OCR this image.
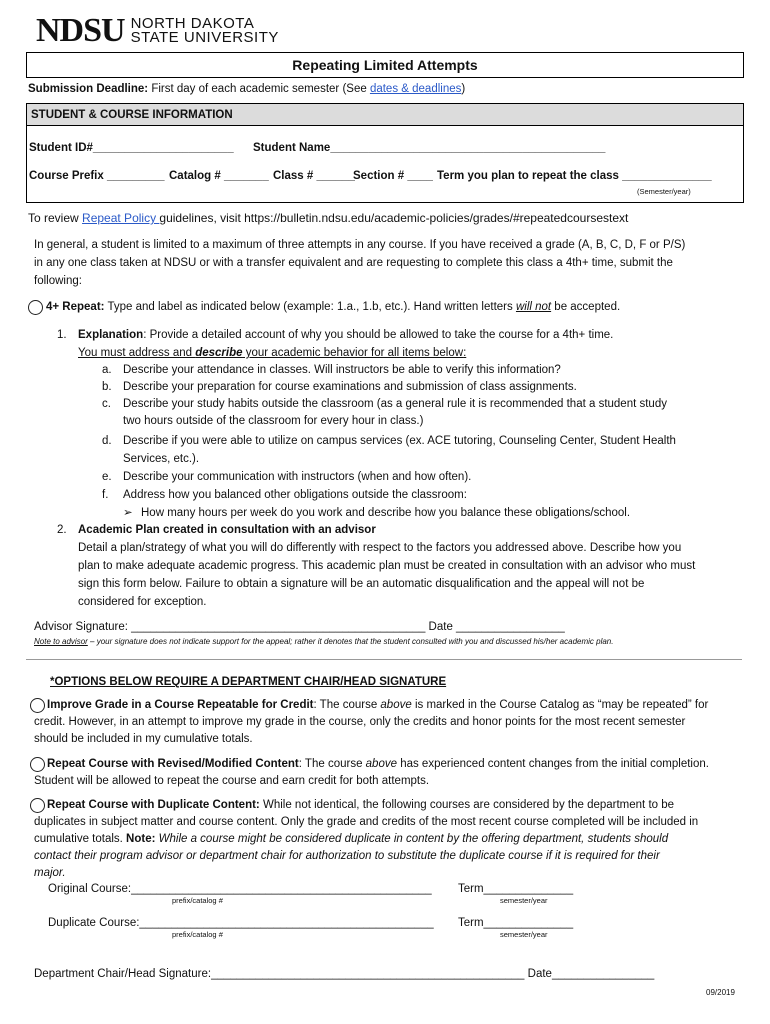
NDSU NORTH DAKOTA
STATE UNIVERSITY
Repeating Limited Attempts
Submission Deadline: First day of each academic semester (See dates & deadlines)
STUDENT & COURSE INFORMATION
Student ID#______________________ Student Name___________________________________________
Course Prefix _________ Catalog # _______ Class # ______
Section # ____ Term you plan to repeat the class ______________
(Semester/year)
To review Repeat Policy guidelines, visit https://bulletin.ndsu.edu/academic-policies/grades/#repeatedcoursestext
In general, a student is limited to a maximum of three attempts in any course. If you have received a grade (A, B, C, D, F or P/S)
in any one class taken at NDSU or with a transfer equivalent and are requesting to complete this class a 4th+ time, submit the
following:
4+ Repeat: Type and label as indicated below (example: 1.a., 1.b, etc.). Hand written letters will not be accepted.
1. Explanation: Provide a detailed account of why you should be allowed to take the course for a 4th+ time.
You must address and describe your academic behavior for all items below:
a. Describe your attendance in classes. Will instructors be able to verify this information?
b. Describe your preparation for course examinations and submission of class assignments.
c. Describe your study habits outside the classroom (as a general rule it is recommended that a student study
two hours outside of the classroom for every hour in class.)
d. Describe if you were able to utilize on campus services (ex. ACE tutoring, Counseling Center, Student Health
Services, etc.).
e. Describe your communication with instructors (when and how often).
f. Address how you balanced other obligations outside the classroom:
➢ How many hours per week do you work and describe how you balance these obligations/school.
2. Academic Plan created in consultation with an advisor
Detail a plan/strategy of what you will do differently with respect to the factors you addressed above. Describe how you
plan to make adequate academic progress. This academic plan must be created in consultation with an advisor who must
sign this form below. Failure to obtain a signature will be an automatic disqualification and the appeal will not be
considered for exception.
Advisor Signature: ______________________________________________ Date _________________
Note to advisor – your signature does not indicate support for the appeal; rather it denotes that the student consulted with you and discussed his/her academic plan.
*OPTIONS BELOW REQUIRE A DEPARTMENT CHAIR/HEAD SIGNATURE
Improve Grade in a Course Repeatable for Credit: The course above is marked in the Course Catalog as “may be repeated” for
credit. However, in an attempt to improve my grade in the course, only the credits and honor points for the most recent semester
should be included in my cumulative totals.
Repeat Course with Revised/Modified Content: The course above has experienced content changes from the initial completion.
Student will be allowed to repeat the course and earn credit for both attempts.
Repeat Course with Duplicate Content: While not identical, the following courses are considered by the department to be
duplicates in subject matter and course content. Only the grade and credits of the most recent course completed will be included in
cumulative totals. Note: While a course might be considered duplicate in content by the offering department, students should
contact their program advisor or department chair for authorization to substitute the duplicate course if it is required for their
major.
Original Course:_______________________________________________ Term______________
prefix/catalog #	semester/year
Duplicate Course:______________________________________________ Term______________
prefix/catalog #	semester/year
Department Chair/Head Signature:_________________________________________________ Date________________
09/2019
